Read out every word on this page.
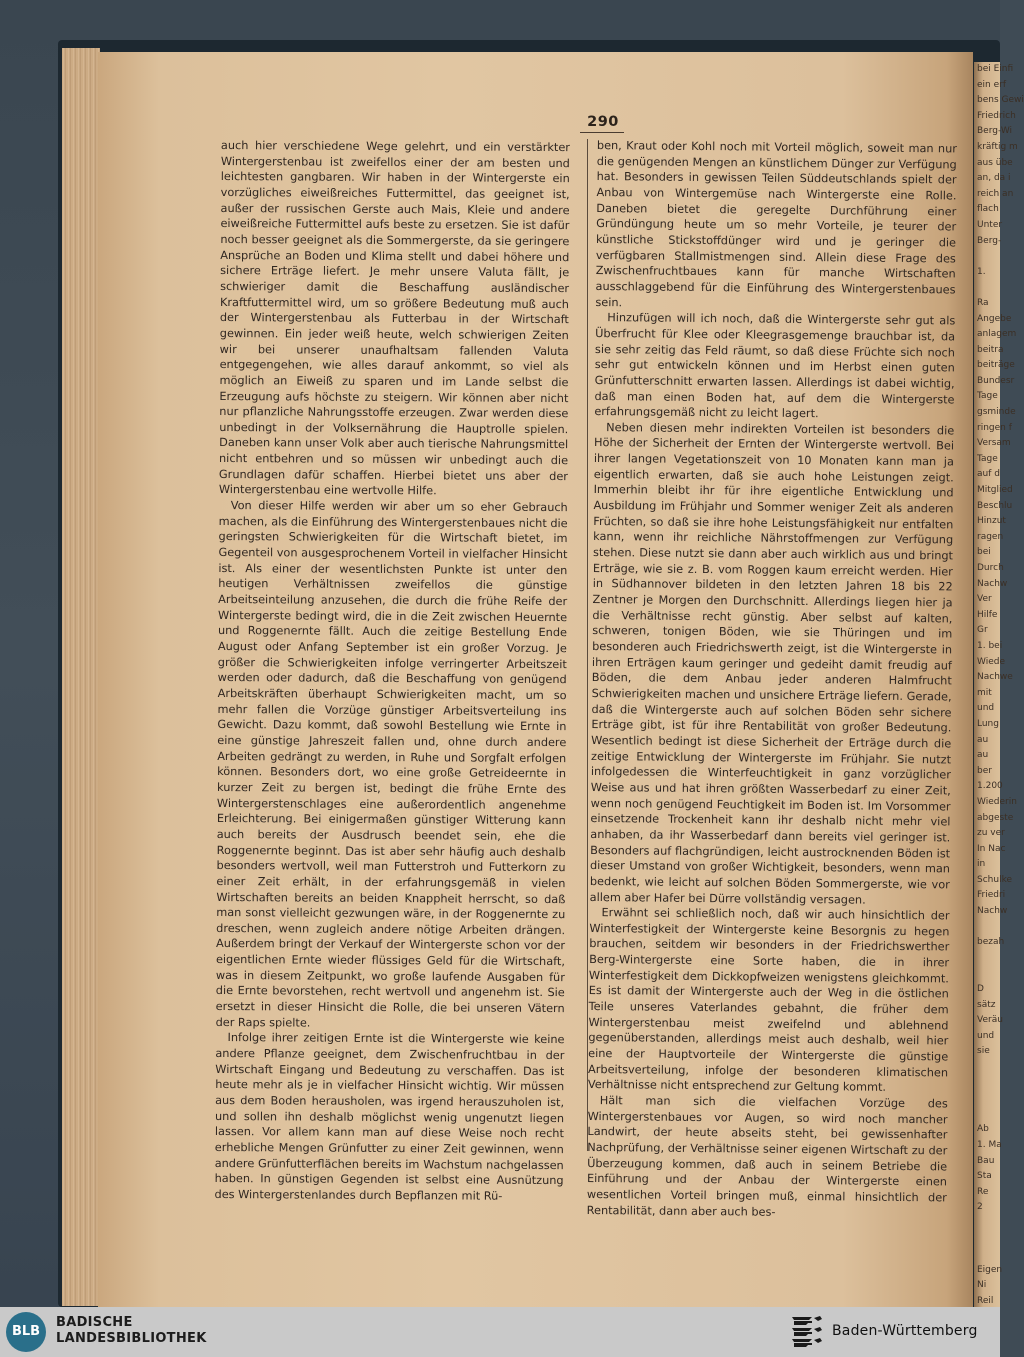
bei Einfi
ein erf
bens Gewi
Friedrich
Berg-Wi
kräftig m
aus übe
an, da i
reich an
flach
Unter
Berg-

1.

Ra
Angebe
anlagem
beitra
beiträge
Bundesr
Tage
gsminde
ringen f
Versam
Tage
auf d
Mitglied
Beschlu
Hinzut
ragen
bei
Durch
Nachw
Ver
Hilfe
Gr
1. bei
Wiede
Nachwe
mit
und
Lung
au
au
ber
1.200
Wiederin
abgeste
zu ver
In Nac
in
Schulke
Friedri
Nachw

bezah

D
sätz
Veräu
und
sie

Ab
1. Ma
Bau
Sta
Re
2

Eigen
Ni
Reil
290

auch hier verschiedene Wege gelehrt, und ein verstärkter Wintergerstenbau ist zweifellos einer der am besten und leichtesten gangbaren. Wir haben in der Wintergerste ein vorzügliches eiweißreiches Futtermittel, das geeignet ist, außer der russischen Gerste auch Mais, Kleie und andere eiweißreiche Futtermittel aufs beste zu ersetzen. Sie ist dafür noch besser geeignet als die Sommergerste, da sie geringere Ansprüche an Boden und Klima stellt und dabei höhere und sichere Erträge liefert. Je mehr unsere Valuta fällt, je schwieriger damit die Beschaffung ausländischer Kraftfuttermittel wird, um so größere Bedeutung muß auch der Wintergerstenbau als Futterbau in der Wirtschaft gewinnen. Ein jeder weiß heute, welch schwierigen Zeiten wir bei unserer unaufhaltsam fallenden Valuta entgegengehen, wie alles darauf ankommt, so viel als möglich an Eiweiß zu sparen und im Lande selbst die Erzeugung aufs höchste zu steigern. Wir können aber nicht nur pflanzliche Nahrungsstoffe erzeugen. Zwar werden diese unbedingt in der Volksernährung die Hauptrolle spielen. Daneben kann unser Volk aber auch tierische Nahrungsmittel nicht entbehren und so müssen wir unbedingt auch die Grundlagen dafür schaffen. Hierbei bietet uns aber der Wintergerstenbau eine wertvolle Hilfe.

Von dieser Hilfe werden wir aber um so eher Gebrauch machen, als die Einführung des Wintergerstenbaues nicht die geringsten Schwierigkeiten für die Wirtschaft bietet, im Gegenteil von ausgesprochenem Vorteil in vielfacher Hinsicht ist. Als einer der wesentlichsten Punkte ist unter den heutigen Verhältnissen zweifellos die günstige Arbeitseinteilung anzusehen, die durch die frühe Reife der Wintergerste bedingt wird, die in die Zeit zwischen Heuernte und Roggenernte fällt. Auch die zeitige Bestellung Ende August oder Anfang September ist ein großer Vorzug. Je größer die Schwierigkeiten infolge verringerter Arbeitszeit werden oder dadurch, daß die Beschaffung von genügend Arbeitskräften überhaupt Schwierigkeiten macht, um so mehr fallen die Vorzüge günstiger Arbeitsverteilung ins Gewicht. Dazu kommt, daß sowohl Bestellung wie Ernte in eine günstige Jahreszeit fallen und, ohne durch andere Arbeiten gedrängt zu werden, in Ruhe und Sorgfalt erfolgen können. Besonders dort, wo eine große Getreideernte in kurzer Zeit zu bergen ist, bedingt die frühe Ernte des Wintergerstenschlages eine außerordentlich angenehme Erleichterung. Bei einigermaßen günstiger Witterung kann auch bereits der Ausdrusch beendet sein, ehe die Roggenernte beginnt. Das ist aber sehr häufig auch deshalb besonders wertvoll, weil man Futterstroh und Futterkorn zu einer Zeit erhält, in der erfahrungsgemäß in vielen Wirtschaften bereits an beiden Knappheit herrscht, so daß man sonst vielleicht gezwungen wäre, in der Roggenernte zu dreschen, wenn zugleich andere nötige Arbeiten drängen. Außerdem bringt der Verkauf der Wintergerste schon vor der eigentlichen Ernte wieder flüssiges Geld für die Wirtschaft, was in diesem Zeitpunkt, wo große laufende Ausgaben für die Ernte bevorstehen, recht wertvoll und angenehm ist. Sie ersetzt in dieser Hinsicht die Rolle, die bei unseren Vätern der Raps spielte.

Infolge ihrer zeitigen Ernte ist die Wintergerste wie keine andere Pflanze geeignet, dem Zwischenfruchtbau in der Wirtschaft Eingang und Bedeutung zu verschaffen. Das ist heute mehr als je in vielfacher Hinsicht wichtig. Wir müssen aus dem Boden herausholen, was irgend herauszuholen ist, und sollen ihn deshalb möglichst wenig ungenutzt liegen lassen. Vor allem kann man auf diese Weise noch recht erhebliche Mengen Grünfutter zu einer Zeit gewinnen, wenn andere Grünfutterflächen bereits im Wachstum nachgelassen haben. In günstigen Gegenden ist selbst eine Ausnützung des Wintergerstenlandes durch Bepflanzen mit Rü-

ben, Kraut oder Kohl noch mit Vorteil möglich, soweit man nur die genügenden Mengen an künstlichem Dünger zur Verfügung hat. Besonders in gewissen Teilen Süddeutschlands spielt der Anbau von Wintergemüse nach Wintergerste eine Rolle. Daneben bietet die geregelte Durchführung einer Gründüngung heute um so mehr Vorteile, je teurer der künstliche Stickstoffdünger wird und je geringer die verfügbaren Stallmistmengen sind. Allein diese Frage des Zwischenfruchtbaues kann für manche Wirtschaften ausschlaggebend für die Einführung des Wintergerstenbaues sein.

Hinzufügen will ich noch, daß die Wintergerste sehr gut als Überfrucht für Klee oder Kleegrasgemenge brauchbar ist, da sie sehr zeitig das Feld räumt, so daß diese Früchte sich noch sehr gut entwickeln können und im Herbst einen guten Grünfutterschnitt erwarten lassen. Allerdings ist dabei wichtig, daß man einen Boden hat, auf dem die Wintergerste erfahrungsgemäß nicht zu leicht lagert.

Neben diesen mehr indirekten Vorteilen ist besonders die Höhe der Sicherheit der Ernten der Wintergerste wertvoll. Bei ihrer langen Vegetationszeit von 10 Monaten kann man ja eigentlich erwarten, daß sie auch hohe Leistungen zeigt. Immerhin bleibt ihr für ihre eigentliche Entwicklung und Ausbildung im Frühjahr und Sommer weniger Zeit als anderen Früchten, so daß sie ihre hohe Leistungsfähigkeit nur entfalten kann, wenn ihr reichliche Nährstoffmengen zur Verfügung stehen. Diese nutzt sie dann aber auch wirklich aus und bringt Erträge, wie sie z. B. vom Roggen kaum erreicht werden. Hier in Südhannover bildeten in den letzten Jahren 18 bis 22 Zentner je Morgen den Durchschnitt. Allerdings liegen hier ja die Verhältnisse recht günstig. Aber selbst auf kalten, schweren, tonigen Böden, wie sie Thüringen und im besonderen auch Friedrichswerth zeigt, ist die Wintergerste in ihren Erträgen kaum geringer und gedeiht damit freudig auf Böden, die dem Anbau jeder anderen Halmfrucht Schwierigkeiten machen und unsichere Erträge liefern. Gerade, daß die Wintergerste auch auf solchen Böden sehr sichere Erträge gibt, ist für ihre Rentabilität von großer Bedeutung. Wesentlich bedingt ist diese Sicherheit der Erträge durch die zeitige Entwicklung der Wintergerste im Frühjahr. Sie nutzt infolgedessen die Winterfeuchtigkeit in ganz vorzüglicher Weise aus und hat ihren größten Wasserbedarf zu einer Zeit, wenn noch genügend Feuchtigkeit im Boden ist. Im Vorsommer einsetzende Trockenheit kann ihr deshalb nicht mehr viel anhaben, da ihr Wasserbedarf dann bereits viel geringer ist. Besonders auf flachgründigen, leicht austrocknenden Böden ist dieser Umstand von großer Wichtigkeit, besonders, wenn man bedenkt, wie leicht auf solchen Böden Sommergerste, wie vor allem aber Hafer bei Dürre vollständig versagen.

Erwähnt sei schließlich noch, daß wir auch hinsichtlich der Winterfestigkeit der Wintergerste keine Besorgnis zu hegen brauchen, seitdem wir besonders in der Friedrichswerther Berg-Wintergerste eine Sorte haben, die in ihrer Winterfestigkeit dem Dickkopfweizen wenigstens gleichkommt. Es ist damit der Wintergerste auch der Weg in die östlichen Teile unseres Vaterlandes gebahnt, die früher dem Wintergerstenbau meist zweifelnd und ablehnend gegenüberstanden, allerdings meist auch deshalb, weil hier eine der Hauptvorteile der Wintergerste die günstige Arbeitsverteilung, infolge der besonderen klimatischen Verhältnisse nicht entsprechend zur Geltung kommt.

Hält man sich die vielfachen Vorzüge des Wintergerstenbaues vor Augen, so wird noch mancher Landwirt, der heute abseits steht, bei gewissenhafter Nachprüfung, der Verhältnisse seiner eigenen Wirtschaft zu der Überzeugung kommen, daß auch in seinem Betriebe die Einführung und der Anbau der Wintergerste einen wesentlichen Vorteil bringen muß, einmal hinsichtlich der Rentabilität, dann aber auch bes-

BLB
BADISCHE
LANDESBIBLIOTHEK	Baden-Württemberg
